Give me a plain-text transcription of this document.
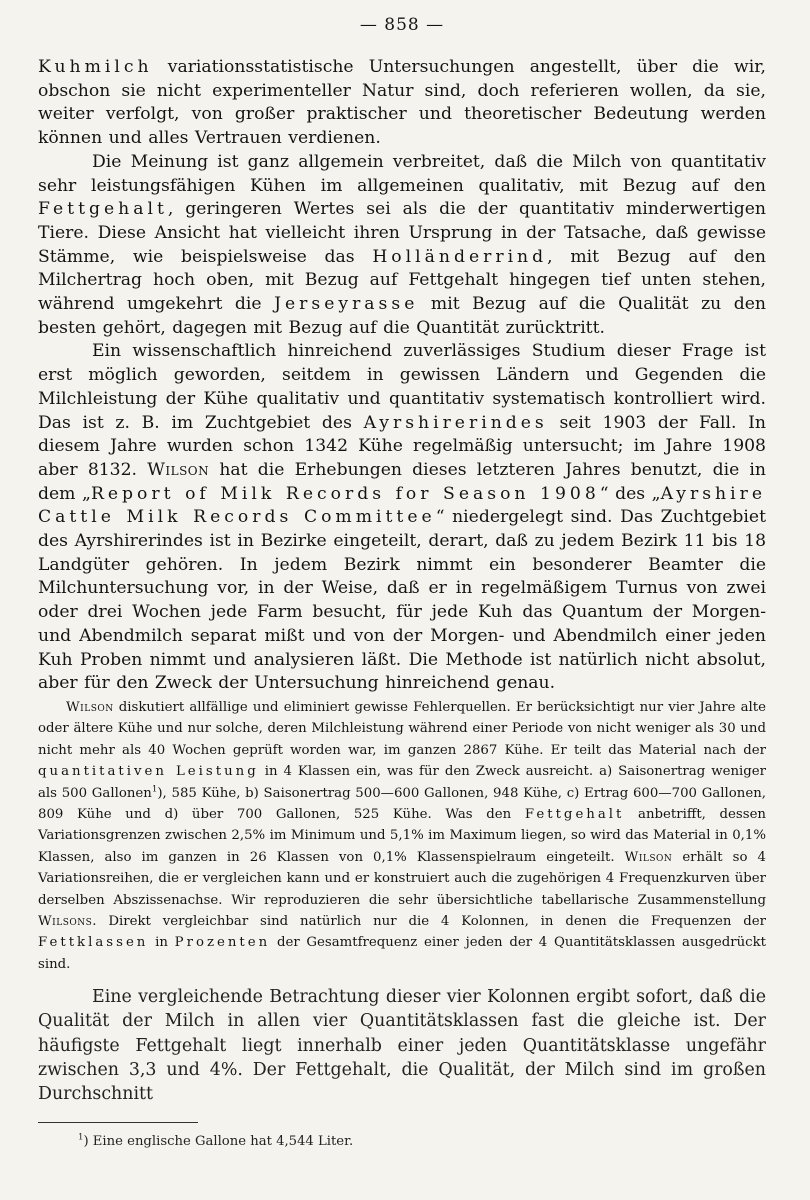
— 858 —

Kuhmilch variationsstatistische Untersuchungen angestellt, über die wir, obschon sie nicht experimenteller Natur sind, doch referieren wollen, da sie, weiter verfolgt, von großer praktischer und theoretischer Bedeutung werden können und alles Vertrauen verdienen.

Die Meinung ist ganz allgemein verbreitet, daß die Milch von quantitativ sehr leistungsfähigen Kühen im allgemeinen qualitativ, mit Bezug auf den Fettgehalt, geringeren Wertes sei als die der quantitativ minderwertigen Tiere. Diese Ansicht hat vielleicht ihren Ursprung in der Tatsache, daß gewisse Stämme, wie beispielsweise das Holländerrind, mit Bezug auf den Milchertrag hoch oben, mit Bezug auf Fettgehalt hingegen tief unten stehen, während umgekehrt die Jerseyrasse mit Bezug auf die Qualität zu den besten gehört, dagegen mit Bezug auf die Quantität zurücktritt.

Ein wissenschaftlich hinreichend zuverlässiges Studium dieser Frage ist erst möglich geworden, seitdem in gewissen Ländern und Gegenden die Milchleistung der Kühe qualitativ und quantitativ systematisch kontrolliert wird. Das ist z. B. im Zuchtgebiet des Ayrshirerindes seit 1903 der Fall. In diesem Jahre wurden schon 1342 Kühe regelmäßig untersucht; im Jahre 1908 aber 8132. Wilson hat die Erhebungen dieses letzteren Jahres benutzt, die in dem „Report of Milk Records for Season 1908“ des „Ayrshire Cattle Milk Records Committee“ niedergelegt sind. Das Zuchtgebiet des Ayrshirerindes ist in Bezirke eingeteilt, derart, daß zu jedem Bezirk 11 bis 18 Landgüter gehören. In jedem Bezirk nimmt ein besonderer Beamter die Milchuntersuchung vor, in der Weise, daß er in regelmäßigem Turnus von zwei oder drei Wochen jede Farm besucht, für jede Kuh das Quantum der Morgen- und Abendmilch separat mißt und von der Morgen- und Abendmilch einer jeden Kuh Proben nimmt und analysieren läßt. Die Methode ist natürlich nicht absolut, aber für den Zweck der Untersuchung hinreichend genau.

Wilson diskutiert allfällige und eliminiert gewisse Fehlerquellen. Er berücksichtigt nur vier Jahre alte oder ältere Kühe und nur solche, deren Milchleistung während einer Periode von nicht weniger als 30 und nicht mehr als 40 Wochen geprüft worden war, im ganzen 2867 Kühe. Er teilt das Material nach der quantitativen Leistung in 4 Klassen ein, was für den Zweck ausreicht. a) Saisonertrag weniger als 500 Gallonen$^1$), 585 Kühe, b) Saisonertrag 500—600 Gallonen, 948 Kühe, c) Ertrag 600—700 Gallonen, 809 Kühe und d) über 700 Gallonen, 525 Kühe. Was den Fettgehalt anbetrifft, dessen Variationsgrenzen zwischen 2,5% im Minimum und 5,1% im Maximum liegen, so wird das Material in 0,1% Klassen, also im ganzen in 26 Klassen von 0,1% Klassenspielraum eingeteilt. Wilson erhält so 4 Variationsreihen, die er vergleichen kann und er konstruiert auch die zugehörigen 4 Frequenzkurven über derselben Abszissenachse. Wir reproduzieren die sehr übersichtliche tabellarische Zusammenstellung Wilsons. Direkt vergleichbar sind natürlich nur die 4 Kolonnen, in denen die Frequenzen der Fettklassen in Prozenten der Gesamtfrequenz einer jeden der 4 Quantitätsklassen ausgedrückt sind.

Eine vergleichende Betrachtung dieser vier Kolonnen ergibt sofort, daß die Qualität der Milch in allen vier Quantitätsklassen fast die gleiche ist. Der häufigste Fettgehalt liegt innerhalb einer jeden Quantitätsklasse ungefähr zwischen 3,3 und 4%. Der Fettgehalt, die Qualität, der Milch sind im großen Durchschnitt

$^1$) Eine englische Gallone hat 4,544 Liter.
